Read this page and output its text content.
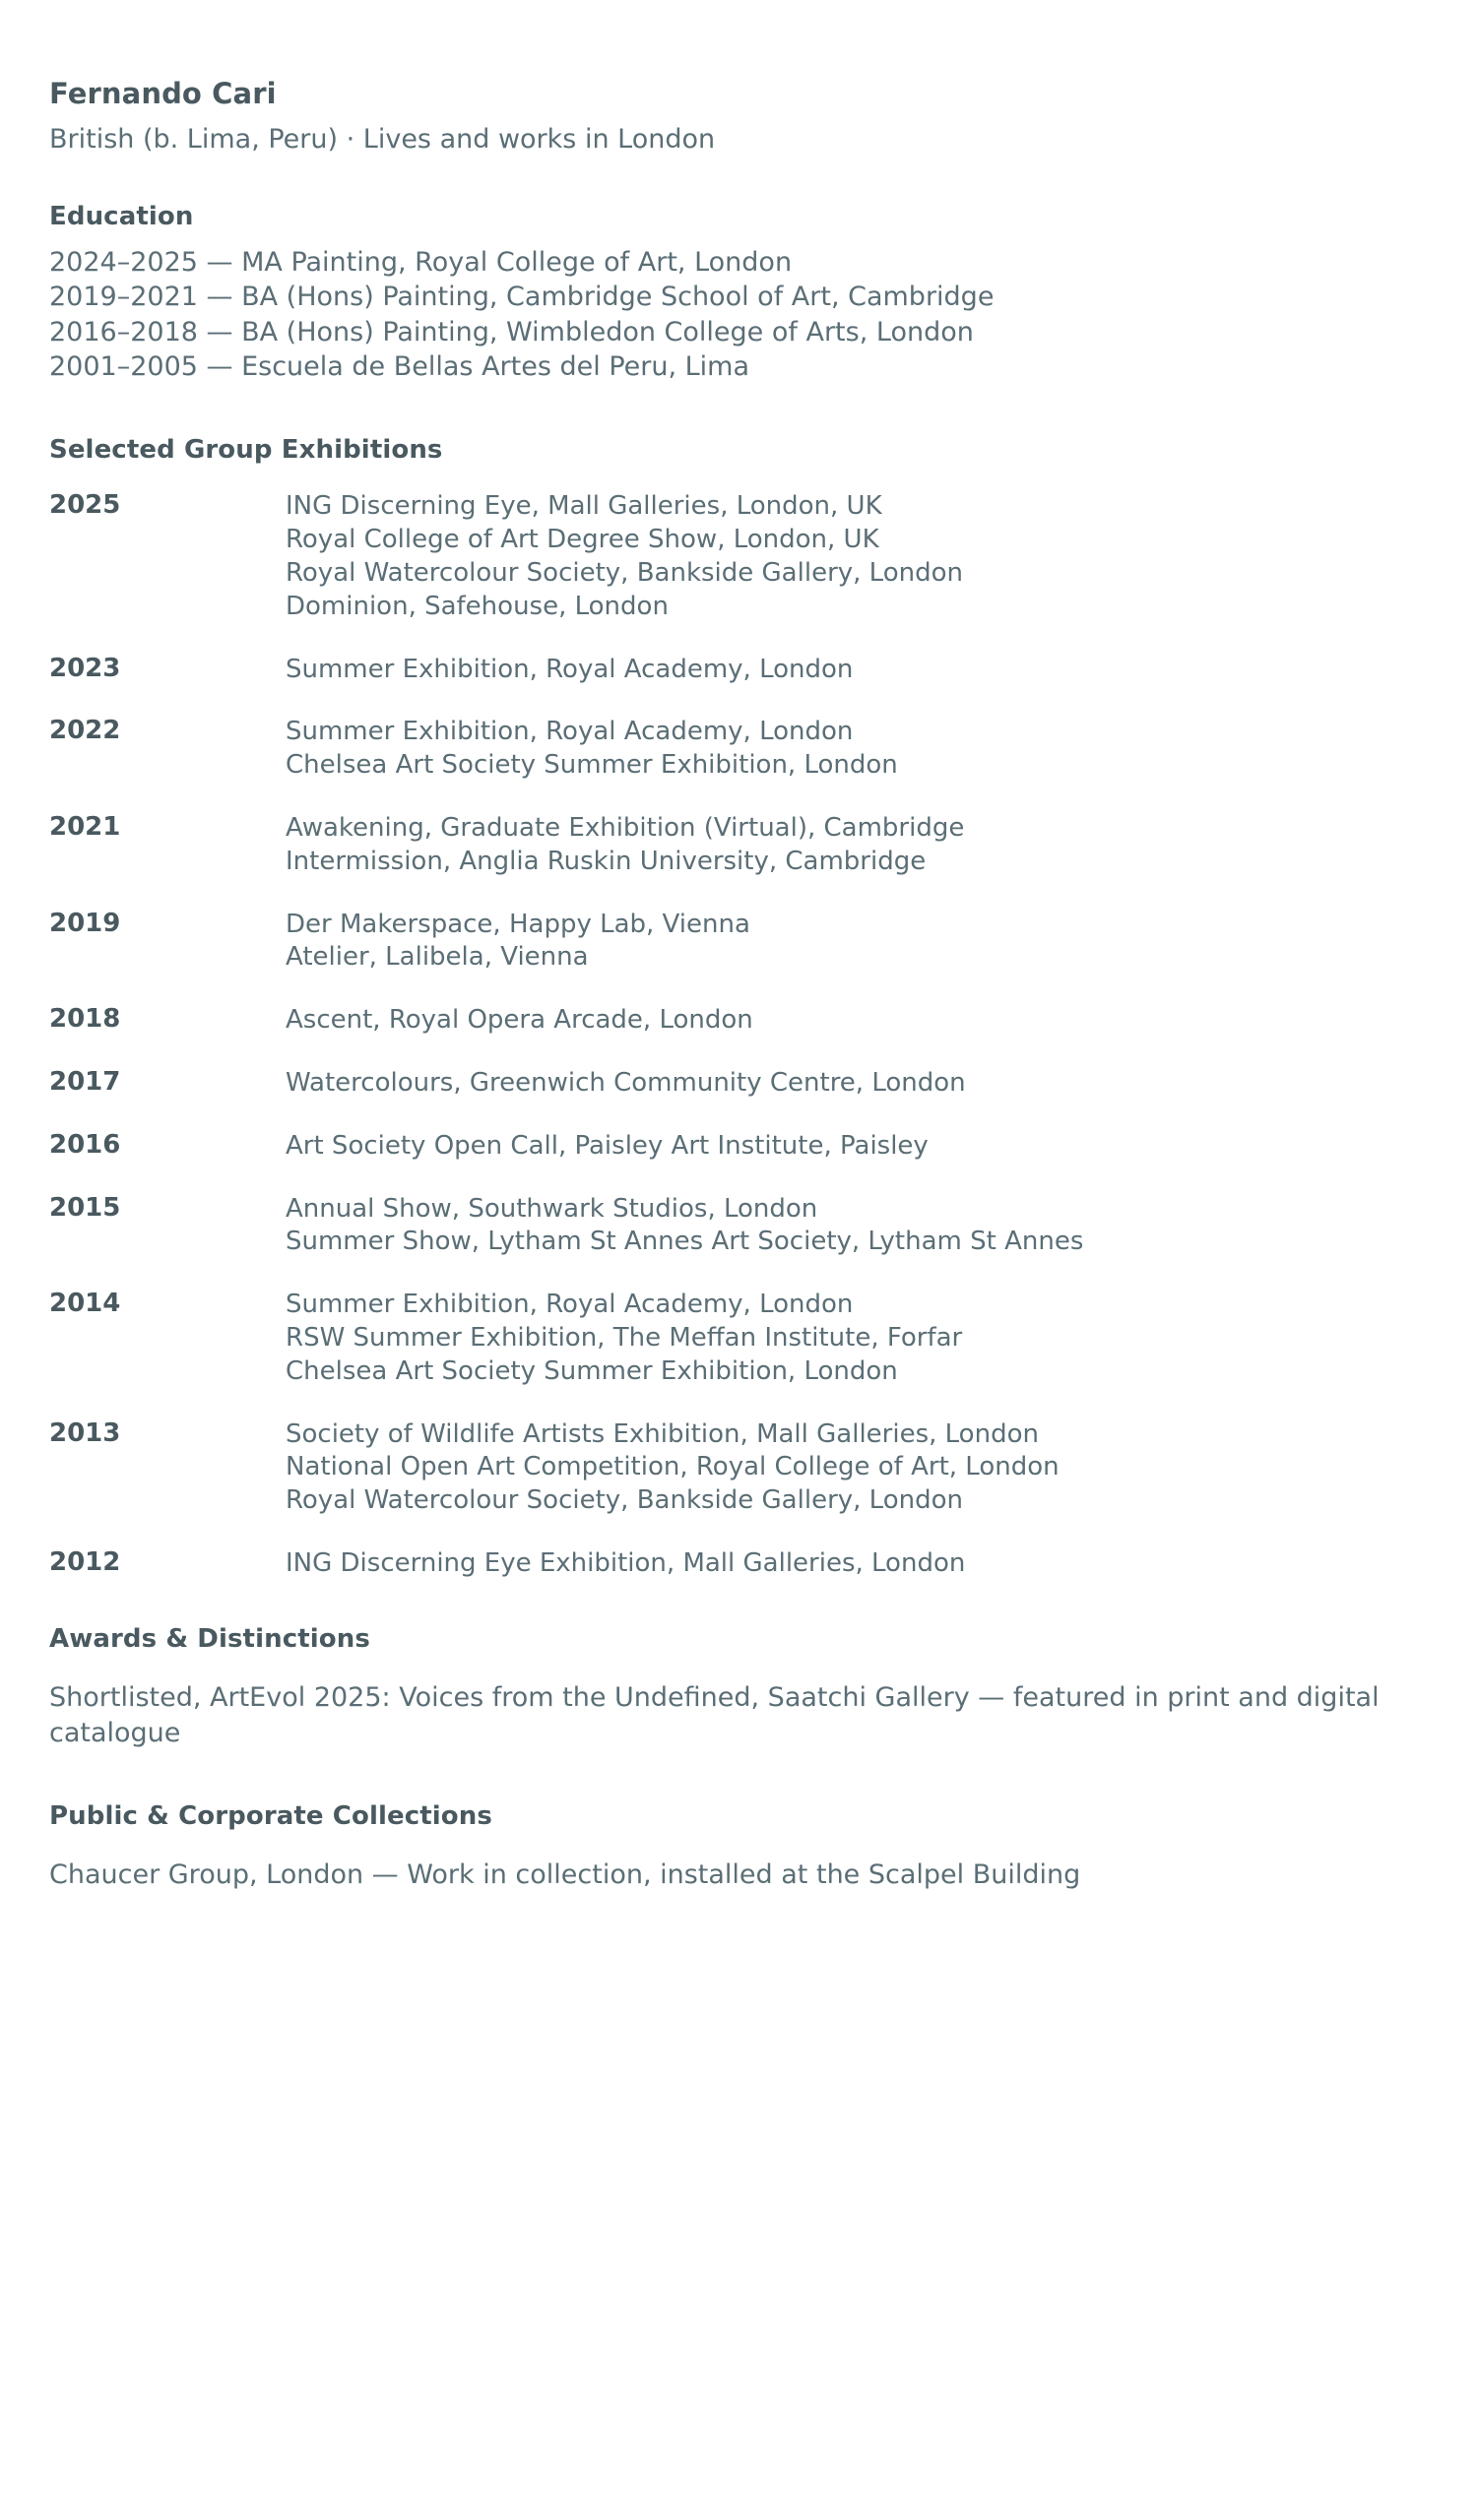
Fernando Cari

British (b. Lima, Peru) · Lives and works in London

Education

2024–2025 — MA Painting, Royal College of Art, London

2019–2021 — BA (Hons) Painting, Cambridge School of Art, Cambridge

2016–2018 — BA (Hons) Painting, Wimbledon College of Arts, London

2001–2005 — Escuela de Bellas Artes del Peru, Lima

Selected Group Exhibitions
2025	ING Discerning Eye, Mall Galleries, London, UK
Royal College of Art Degree Show, London, UK
Royal Watercolour Society, Bankside Gallery, London
Dominion, Safehouse, London

2023	Summer Exhibition, Royal Academy, London

2022	Summer Exhibition, Royal Academy, London
Chelsea Art Society Summer Exhibition, London

2021	Awakening, Graduate Exhibition (Virtual), Cambridge
Intermission, Anglia Ruskin University, Cambridge

2019	Der Makerspace, Happy Lab, Vienna
Atelier, Lalibela, Vienna

2018	Ascent, Royal Opera Arcade, London

2017	Watercolours, Greenwich Community Centre, London

2016	Art Society Open Call, Paisley Art Institute, Paisley

2015	Annual Show, Southwark Studios, London
Summer Show, Lytham St Annes Art Society, Lytham St Annes

2014	Summer Exhibition, Royal Academy, London
RSW Summer Exhibition, The Meffan Institute, Forfar
Chelsea Art Society Summer Exhibition, London

2013	Society of Wildlife Artists Exhibition, Mall Galleries, London
National Open Art Competition, Royal College of Art, London
Royal Watercolour Society, Bankside Gallery, London

2012	ING Discerning Eye Exhibition, Mall Galleries, London
Awards & Distinctions

Shortlisted, ArtEvol 2025: Voices from the Undefined, Saatchi Gallery — featured in print and digital catalogue

Public & Corporate Collections

Chaucer Group, London — Work in collection, installed at the Scalpel Building
